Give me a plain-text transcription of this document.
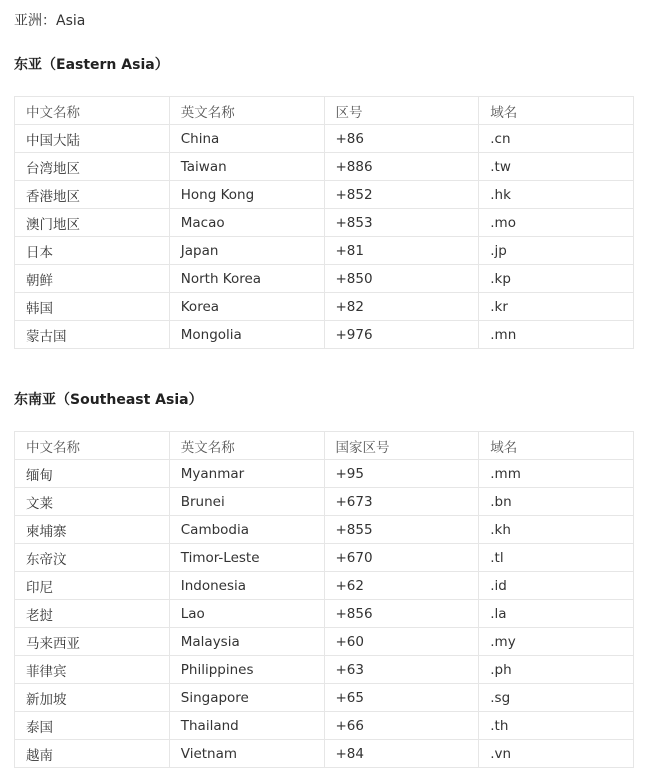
亚洲：Asia
东亚（Eastern Asia）
中文名称	英文名称	区号	域名
中国大陆	China	+86	.cn
台湾地区	Taiwan	+886	.tw
香港地区	Hong Kong	+852	.hk
澳门地区	Macao	+853	.mo
日本	Japan	+81	.jp
朝鲜	North Korea	+850	.kp
韩国	Korea	+82	.kr
蒙古国	Mongolia	+976	.mn
东南亚（Southeast Asia）
中文名称	英文名称	国家区号	域名
缅甸	Myanmar	+95	.mm
文莱	Brunei	+673	.bn
柬埔寨	Cambodia	+855	.kh
东帝汶	Timor-Leste	+670	.tl
印尼	Indonesia	+62	.id
老挝	Lao	+856	.la
马来西亚	Malaysia	+60	.my
菲律宾	Philippines	+63	.ph
新加坡	Singapore	+65	.sg
泰国	Thailand	+66	.th
越南	Vietnam	+84	.vn
